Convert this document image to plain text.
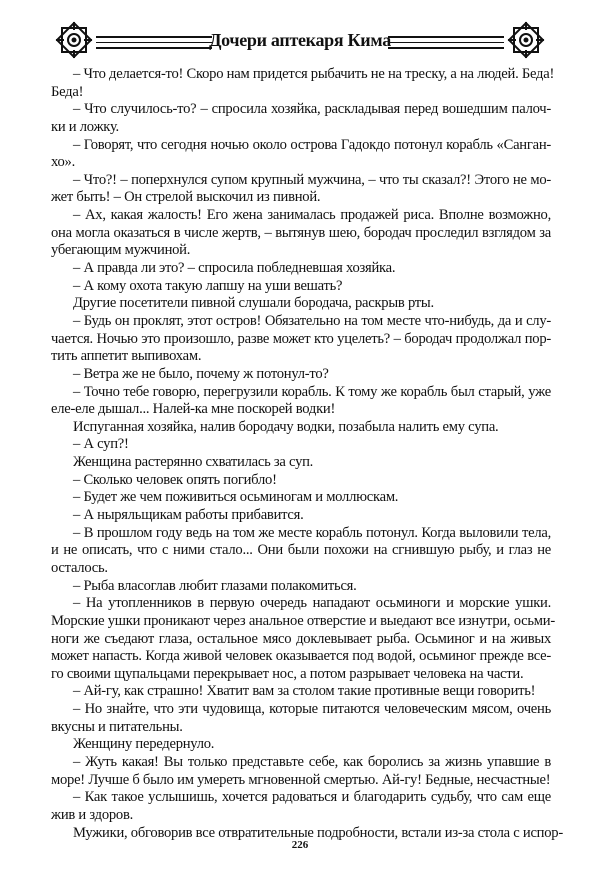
Дочери аптекаря Кима
– Что делается-то! Скоро нам придется рыбачить не на треску, а на людей. Беда!
Беда!
– Что случилось-то? – спросила хозяйка, раскладывая перед вошедшим палоч-
ки и ложку.
– Говорят, что сегодня ночью около острова Гадокдо потонул корабль «Санган-
хо».
– Что?! – поперхнулся супом крупный мужчина, – что ты сказал?! Этого не мо-
жет быть! – Он стрелой выскочил из пивной.
– Ах, какая жалость! Его жена занималась продажей риса. Вполне возможно,
она могла оказаться в числе жертв, – вытянув шею, бородач проследил взглядом за
убегающим мужчиной.
– А правда ли это? – спросила побледневшая хозяйка.
– А кому охота такую лапшу на уши вешать?
Другие посетители пивной слушали бородача, раскрыв рты.
– Будь он проклят, этот остров! Обязательно на том месте что-нибудь, да и слу-
чается. Ночью это произошло, разве может кто уцелеть? – бородач продолжал пор-
тить аппетит выпивохам.
– Ветра же не было, почему ж потонул-то?
– Точно тебе говорю, перегрузили корабль. К тому же корабль был старый, уже
еле-еле дышал... Налей-ка мне поскорей водки!
Испуганная хозяйка, налив бородачу водки, позабыла налить ему супа.
– А суп?!
Женщина растерянно схватилась за суп.
– Сколько человек опять погибло!
– Будет же чем поживиться осьминогам и моллюскам.
– А ныряльщикам работы прибавится.
– В прошлом году ведь на том же месте корабль потонул. Когда выловили тела,
и не описать, что с ними стало... Они были похожи на сгнившую рыбу, и глаз не
осталось.
– Рыба власоглав любит глазами полакомиться.
– На утопленников в первую очередь нападают осьминоги и морские ушки.
Морские ушки проникают через анальное отверстие и выедают все изнутри, осьми-
ноги же съедают глаза, остальное мясо доклевывает рыба. Осьминог и на живых
может напасть. Когда живой человек оказывается под водой, осьминог прежде все-
го своими щупальцами перекрывает нос, а потом разрывает человека на части.
– Ай-гу, как страшно! Хватит вам за столом такие противные вещи говорить!
– Но знайте, что эти чудовища, которые питаются человеческим мясом, очень
вкусны и питательны.
Женщину передернуло.
– Жуть какая! Вы только представьте себе, как боролись за жизнь упавшие в
море! Лучше б было им умереть мгновенной смертью. Ай-гу! Бедные, несчастные!
– Как такое услышишь, хочется радоваться и благодарить судьбу, что сам еще
жив и здоров.
Мужики, обговорив все отвратительные подробности, встали из-за стола с испор-
226
